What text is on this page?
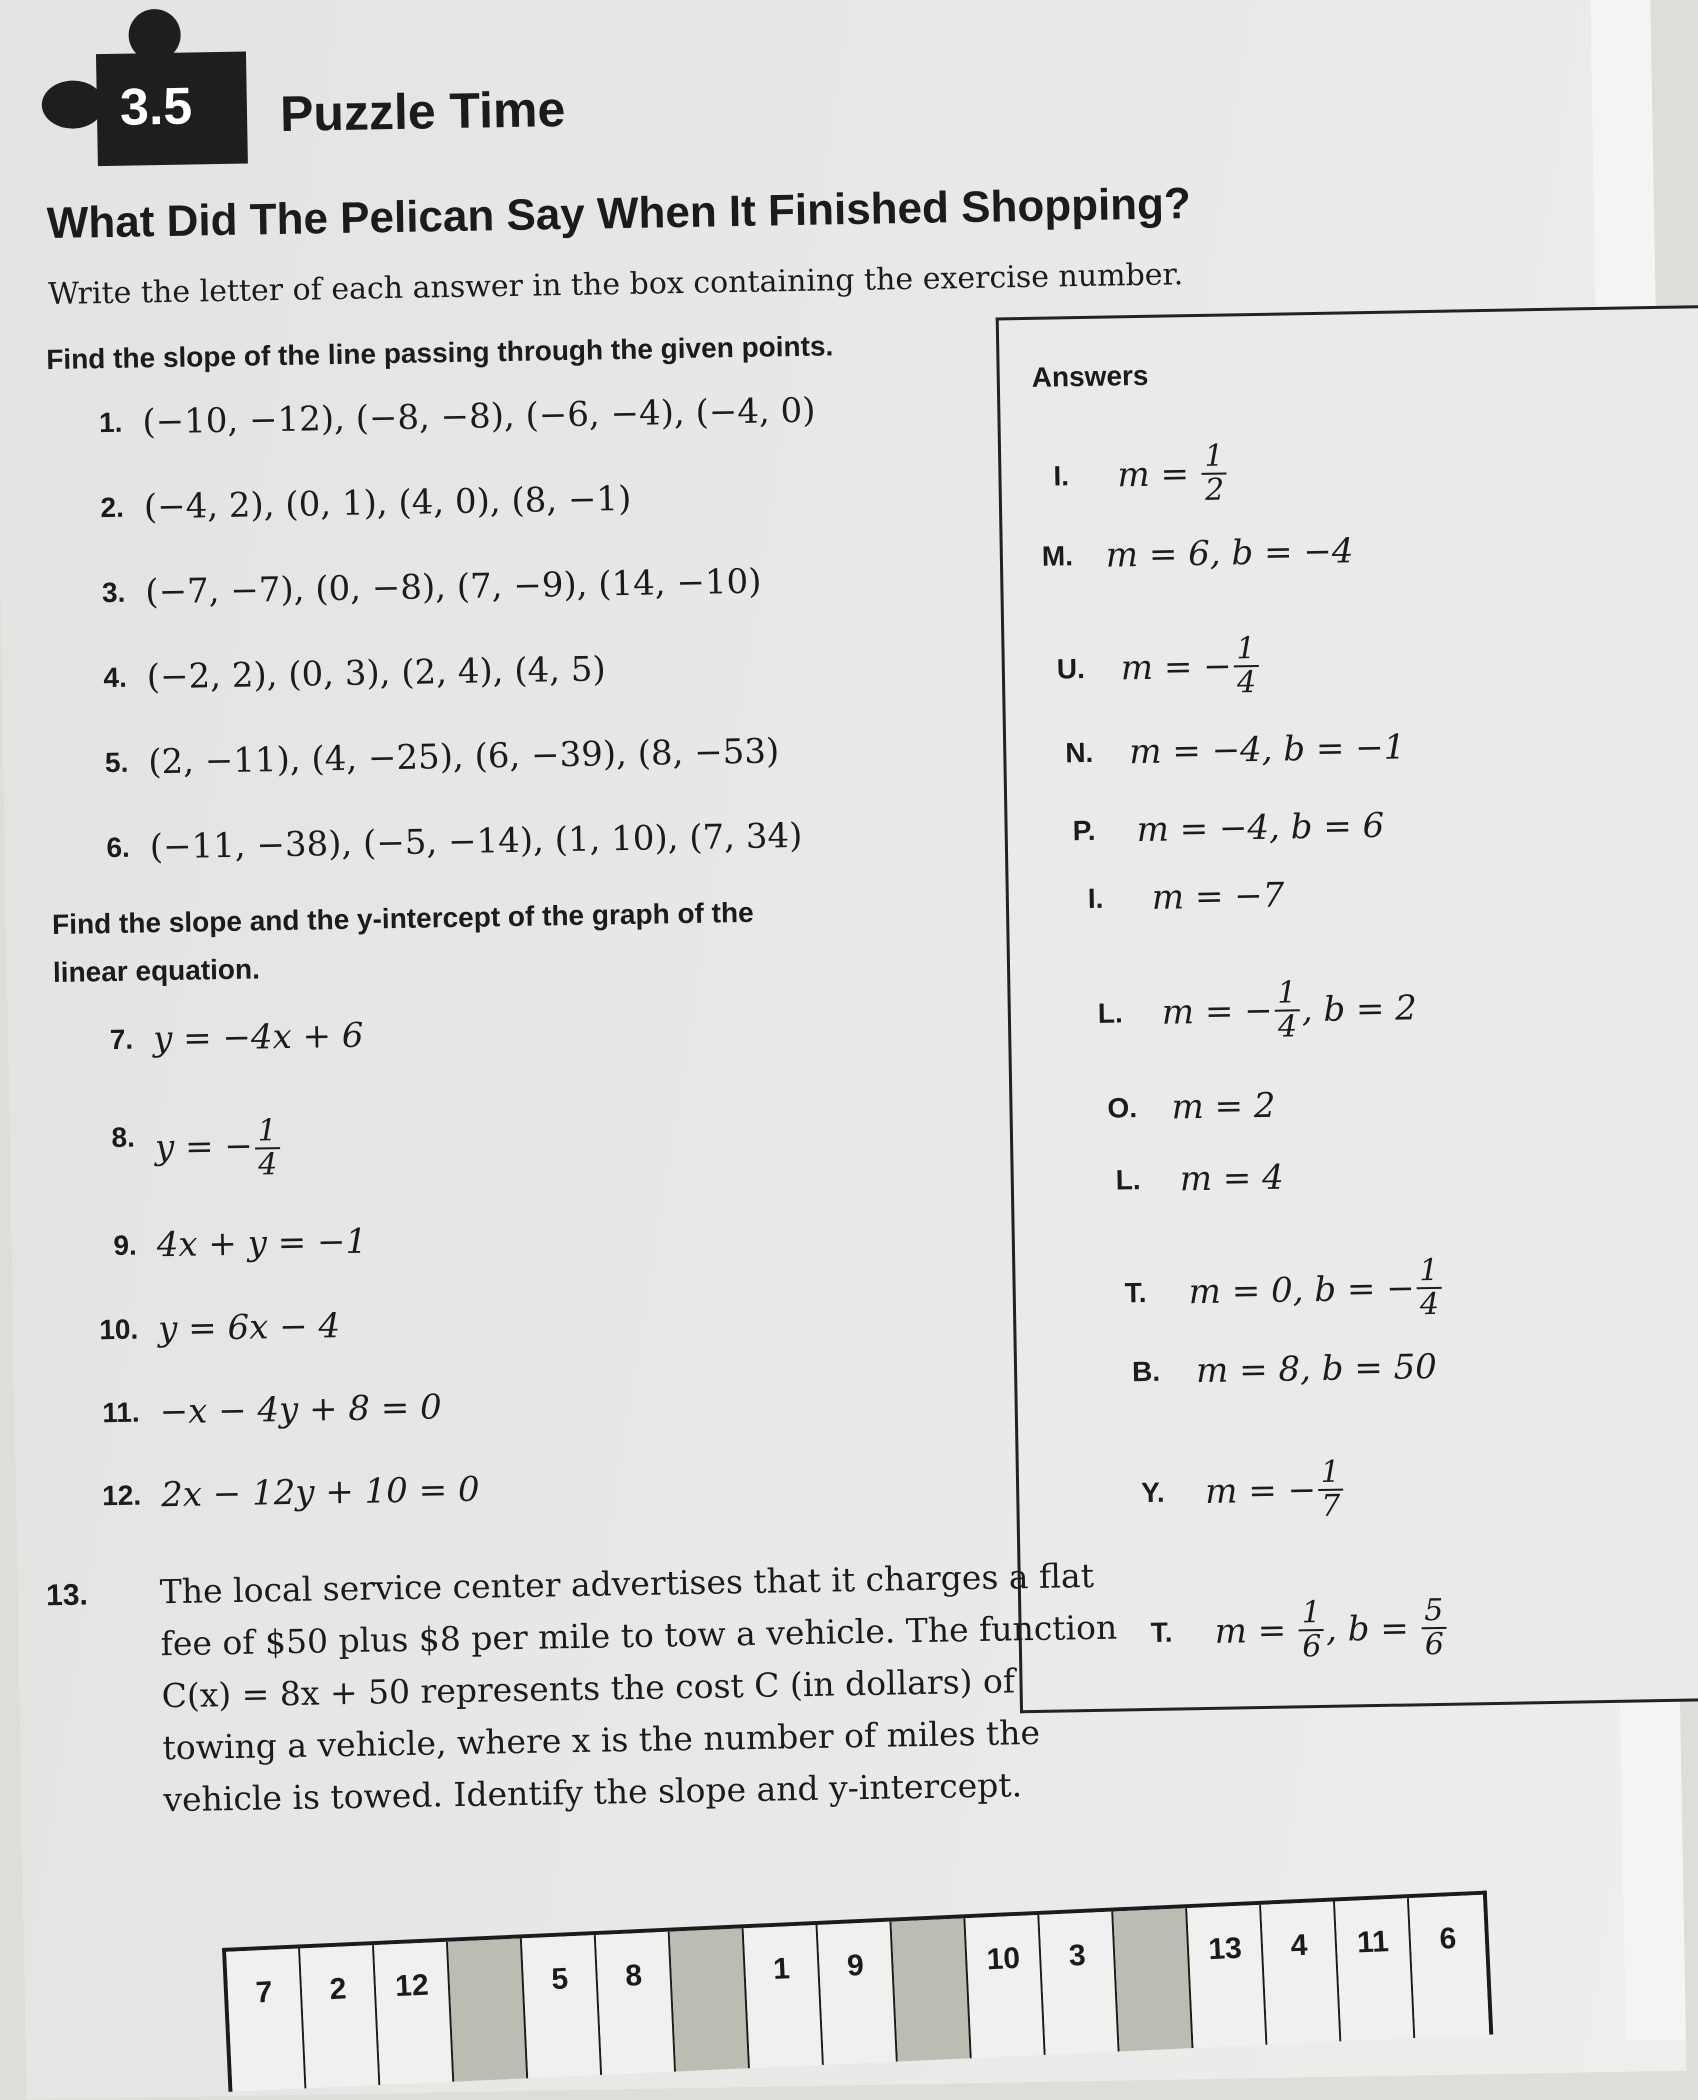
3.5 Puzzle Time
What Did The Pelican Say When It Finished Shopping?
Write the letter of each answer in the box containing the exercise number.
Find the slope of the line passing through the given points.
Find the slope and the y-intercept of the graph of the
linear equation.
13.
Answers
1. (−10, −12), (−8, −8), (−6, −4), (−4, 0)
2. (−4, 2), (0, 1), (4, 0), (8, −1)
3. (−7, −7), (0, −8), (7, −9), (14, −10)
4. (−2, 2), (0, 3), (2, 4), (4, 5)
5. (2, −11), (4, −25), (6, −39), (8, −53)
6. (−11, −38), (−5, −14), (1, 10), (7, 34)
7. y = −4x + 6
8. y = − $\frac{1}{4}$
9. 4x + y = −1
10. y = 6x − 4
11. −x − 4y + 8 = 0
12. 2x − 12y + 10 = 0
The local service center advertises that it charges a flat
fee of $50 plus $8 per mile to tow a vehicle. The function
C(x) = 8x + 50 represents the cost C (in dollars) of
towing a vehicle, where x is the number of miles the
vehicle is towed. Identify the slope and y-intercept.
I.	$m = \frac{1}{2}$
M. m = 6, b = −4
U. m = − $\frac{1}{4}$
N. m = −4, b = −1
P.	m = −4, b = 6
I.	m = −7
L.	m = − $\frac{1}{4}$ , b = 2
O. m = 2
L.	m = 4
T.	m = 0, b = − $\frac{1}{4}$
B. m = 8, b = 50
Y.	m = − $\frac{1}{7}$
T.	$m = \frac{1}{6}$ , $b = \frac{5}{6}$
7	2	12	5	8	1	9	10	3	13	4	11	6
